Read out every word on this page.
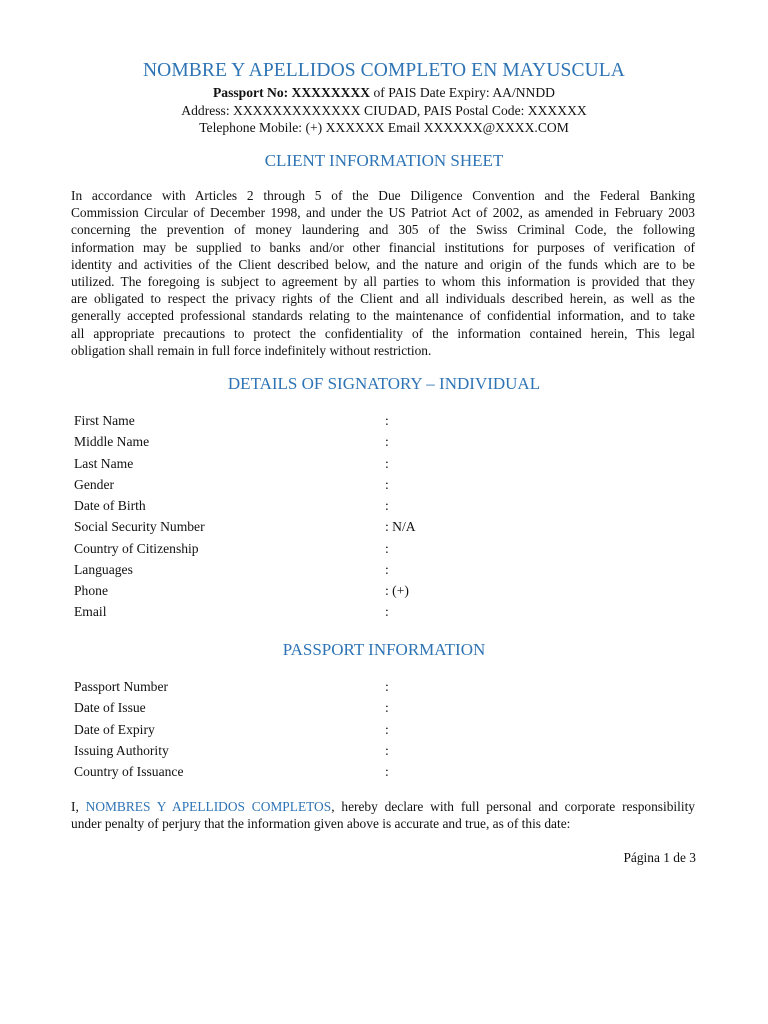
NOMBRE Y APELLIDOS COMPLETO EN MAYUSCULA
Passport No: XXXXXXXX of PAIS Date Expiry: AA/NNDD
Address: XXXXXXXXXXXXX CIUDAD, PAIS Postal Code: XXXXXX
Telephone Mobile: (+) XXXXXX Email XXXXXX@XXXX.COM
CLIENT INFORMATION SHEET
In accordance with Articles 2 through 5 of the Due Diligence Convention and the Federal Banking
Commission Circular of December 1998, and under the US Patriot Act of 2002, as amended in February 2003
concerning the prevention of money laundering and 305 of the Swiss Criminal Code, the following
information may be supplied to banks and/or other financial institutions for purposes of verification of
identity and activities of the Client described below, and the nature and origin of the funds which are to be
utilized. The foregoing is subject to agreement by all parties to whom this information is provided that they
are obligated to respect the privacy rights of the Client and all individuals described herein, as well as the
generally accepted professional standards relating to the maintenance of confidential information, and to take
all appropriate precautions to protect the confidentiality of the information contained herein, This legal
obligation shall remain in full force indefinitely without restriction.
DETAILS OF SIGNATORY – INDIVIDUAL
First Name	:
Middle Name	:
Last Name	:
Gender	:
Date of Birth	:
Social Security Number	: N/A
Country of Citizenship	:
Languages	:
Phone	: (+)
Email	:
PASSPORT INFORMATION
Passport Number	:
Date of Issue	:
Date of Expiry	:
Issuing Authority	:
Country of Issuance	:
I, NOMBRES Y APELLIDOS COMPLETOS, hereby declare with full personal and corporate responsibility
under penalty of perjury that the information given above is accurate and true, as of this date:
Página 1 de 3
